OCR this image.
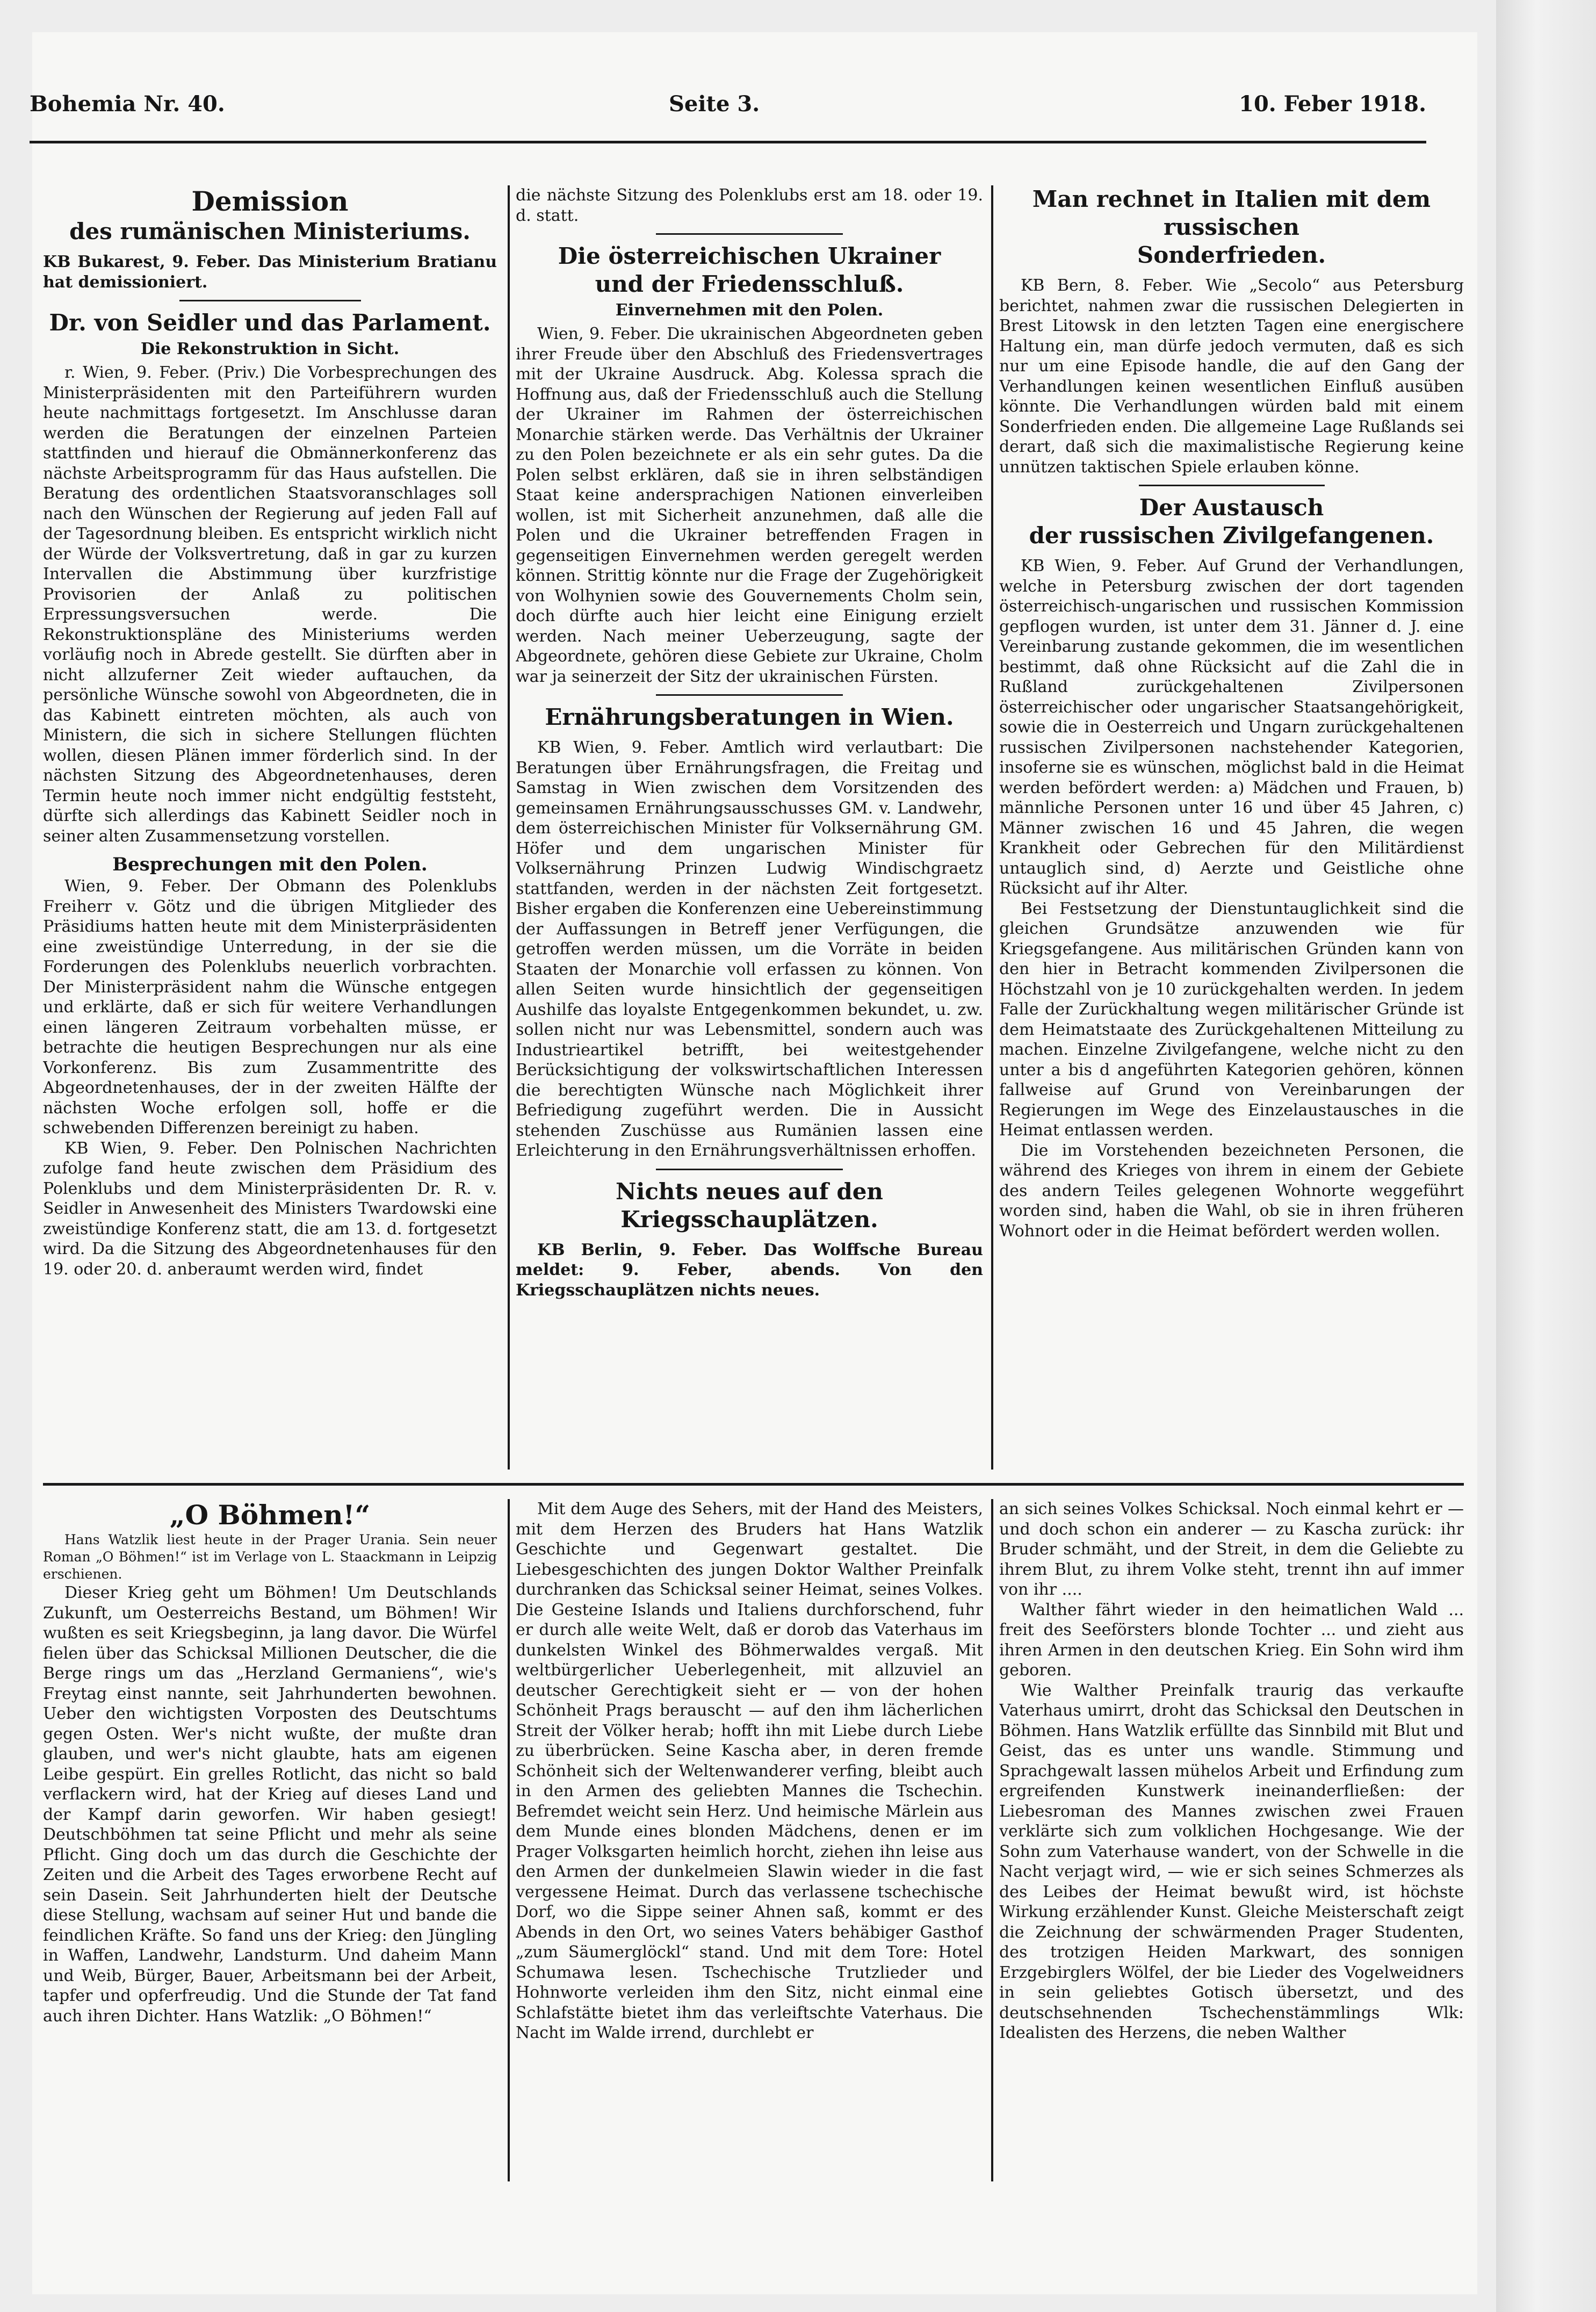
Bohemia Nr. 40.	Seite 3.	10. Feber 1918.
Demission
des rumänischen Ministeriums.

KB Bukarest, 9. Feber. Das Ministerium Bratianu hat demissioniert.

Dr. von Seidler und das Parlament.
Die Rekonstruktion in Sicht.

r. Wien, 9. Feber. (Priv.) Die Vorbesprechungen des Ministerpräsidenten mit den Parteiführern wurden heute nachmittags fortgesetzt. Im Anschlusse daran werden die Beratungen der einzelnen Parteien stattfinden und hierauf die Obmännerkonferenz das nächste Arbeitsprogramm für das Haus aufstellen. Die Beratung des ordentlichen Staatsvoranschlages soll nach den Wünschen der Regierung auf jeden Fall auf der Tagesordnung bleiben. Es entspricht wirklich nicht der Würde der Volksvertretung, daß in gar zu kurzen Intervallen die Abstimmung über kurzfristige Provisorien der Anlaß zu politischen Erpressungsversuchen werde. Die Rekonstruktionspläne des Ministeriums werden vorläufig noch in Abrede gestellt. Sie dürften aber in nicht allzuferner Zeit wieder auftauchen, da persönliche Wünsche sowohl von Abgeordneten, die in das Kabinett eintreten möchten, als auch von Ministern, die sich in sichere Stellungen flüchten wollen, diesen Plänen immer förderlich sind. In der nächsten Sitzung des Abgeordnetenhauses, deren Termin heute noch immer nicht endgültig feststeht, dürfte sich allerdings das Kabinett Seidler noch in seiner alten Zusammensetzung vorstellen.

Besprechungen mit den Polen.

Wien, 9. Feber. Der Obmann des Polenklubs Freiherr v. Götz und die übrigen Mitglieder des Präsidiums hatten heute mit dem Ministerpräsidenten eine zweistündige Unterredung, in der sie die Forderungen des Polenklubs neuerlich vorbrachten. Der Ministerpräsident nahm die Wünsche entgegen und erklärte, daß er sich für weitere Verhandlungen einen längeren Zeitraum vorbehalten müsse, er betrachte die heutigen Besprechungen nur als eine Vorkonferenz. Bis zum Zusammentritte des Abgeordnetenhauses, der in der zweiten Hälfte der nächsten Woche erfolgen soll, hoffe er die schwebenden Differenzen bereinigt zu haben.

KB Wien, 9. Feber. Den Polnischen Nachrichten zufolge fand heute zwischen dem Präsidium des Polenklubs und dem Ministerpräsidenten Dr. R. v. Seidler in Anwesenheit des Ministers Twardowski eine zweistündige Konferenz statt, die am 13. d. fortgesetzt wird. Da die Sitzung des Abgeordnetenhauses für den 19. oder 20. d. anberaumt werden wird, findet

die nächste Sitzung des Polenklubs erst am 18. oder 19. d. statt.

Die österreichischen Ukrainer
und der Friedensschluß.
Einvernehmen mit den Polen.

Wien, 9. Feber. Die ukrainischen Abgeordneten geben ihrer Freude über den Abschluß des Friedensvertrages mit der Ukraine Ausdruck. Abg. Kolessa sprach die Hoffnung aus, daß der Friedensschluß auch die Stellung der Ukrainer im Rahmen der österreichischen Monarchie stärken werde. Das Verhältnis der Ukrainer zu den Polen bezeichnete er als ein sehr gutes. Da die Polen selbst erklären, daß sie in ihren selbständigen Staat keine andersprachigen Nationen einverleiben wollen, ist mit Sicherheit anzunehmen, daß alle die Polen und die Ukrainer betreffenden Fragen in gegenseitigen Einvernehmen werden geregelt werden können. Strittig könnte nur die Frage der Zugehörigkeit von Wolhynien sowie des Gouvernements Cholm sein, doch dürfte auch hier leicht eine Einigung erzielt werden. Nach meiner Ueberzeugung, sagte der Abgeordnete, gehören diese Gebiete zur Ukraine, Cholm war ja seinerzeit der Sitz der ukrainischen Fürsten.

Ernährungsberatungen in Wien.

KB Wien, 9. Feber. Amtlich wird verlautbart: Die Beratungen über Ernährungsfragen, die Freitag und Samstag in Wien zwischen dem Vorsitzenden des gemeinsamen Ernährungsausschusses GM. v. Landwehr, dem österreichischen Minister für Volksernährung GM. Höfer und dem ungarischen Minister für Volksernährung Prinzen Ludwig Windischgraetz stattfanden, werden in der nächsten Zeit fortgesetzt. Bisher ergaben die Konferenzen eine Uebereinstimmung der Auffassungen in Betreff jener Verfügungen, die getroffen werden müssen, um die Vorräte in beiden Staaten der Monarchie voll erfassen zu können. Von allen Seiten wurde hinsichtlich der gegenseitigen Aushilfe das loyalste Entgegenkommen bekundet, u. zw. sollen nicht nur was Lebensmittel, sondern auch was Industrieartikel betrifft, bei weitestgehender Berücksichtigung der volkswirtschaftlichen Interessen die berechtigten Wünsche nach Möglichkeit ihrer Befriedigung zugeführt werden. Die in Aussicht stehenden Zuschüsse aus Rumänien lassen eine Erleichterung in den Ernährungsverhältnissen erhoffen.

Nichts neues auf den Kriegsschauplätzen.

KB Berlin, 9. Feber. Das Wolffsche Bureau meldet: 9. Feber, abends. Von den Kriegsschauplätzen nichts neues.

Man rechnet in Italien mit dem russischen
Sonderfrieden.

KB Bern, 8. Feber. Wie „Secolo“ aus Petersburg berichtet, nahmen zwar die russischen Delegierten in Brest Litowsk in den letzten Tagen eine energischere Haltung ein, man dürfe jedoch vermuten, daß es sich nur um eine Episode handle, die auf den Gang der Verhandlungen keinen wesentlichen Einfluß ausüben könnte. Die Verhandlungen würden bald mit einem Sonderfrieden enden. Die allgemeine Lage Rußlands sei derart, daß sich die maximalistische Regierung keine unnützen taktischen Spiele erlauben könne.

Der Austausch
der russischen Zivilgefangenen.

KB Wien, 9. Feber. Auf Grund der Verhandlungen, welche in Petersburg zwischen der dort tagenden österreichisch-ungarischen und russischen Kommission gepflogen wurden, ist unter dem 31. Jänner d. J. eine Vereinbarung zustande gekommen, die im wesentlichen bestimmt, daß ohne Rücksicht auf die Zahl die in Rußland zurückgehaltenen Zivilpersonen österreichischer oder ungarischer Staatsangehörigkeit, sowie die in Oesterreich und Ungarn zurückgehaltenen russischen Zivilpersonen nachstehender Kategorien, insoferne sie es wünschen, möglichst bald in die Heimat werden befördert werden: a) Mädchen und Frauen, b) männliche Personen unter 16 und über 45 Jahren, c) Männer zwischen 16 und 45 Jahren, die wegen Krankheit oder Gebrechen für den Militärdienst untauglich sind, d) Aerzte und Geistliche ohne Rücksicht auf ihr Alter.

Bei Festsetzung der Dienstuntauglichkeit sind die gleichen Grundsätze anzuwenden wie für Kriegsgefangene. Aus militärischen Gründen kann von den hier in Betracht kommenden Zivilpersonen die Höchstzahl von je 10 zurückgehalten werden. In jedem Falle der Zurückhaltung wegen militärischer Gründe ist dem Heimatstaate des Zurückgehaltenen Mitteilung zu machen. Einzelne Zivilgefangene, welche nicht zu den unter a bis d angeführten Kategorien gehören, können fallweise auf Grund von Vereinbarungen der Regierungen im Wege des Einzelaustausches in die Heimat entlassen werden.

Die im Vorstehenden bezeichneten Personen, die während des Krieges von ihrem in einem der Gebiete des andern Teiles gelegenen Wohnorte weggeführt worden sind, haben die Wahl, ob sie in ihren früheren Wohnort oder in die Heimat befördert werden wollen.

„O Böhmen!“

Hans Watzlik liest heute in der Prager Urania. Sein neuer Roman „O Böhmen!“ ist im Verlage von L. Staackmann in Leipzig erschienen.

Dieser Krieg geht um Böhmen! Um Deutschlands Zukunft, um Oesterreichs Bestand, um Böhmen! Wir wußten es seit Kriegsbeginn, ja lang davor. Die Würfel fielen über das Schicksal Millionen Deutscher, die die Berge rings um das „Herzland Germaniens“, wie's Freytag einst nannte, seit Jahrhunderten bewohnen. Ueber den wichtigsten Vorposten des Deutschtums gegen Osten. Wer's nicht wußte, der mußte dran glauben, und wer's nicht glaubte, hats am eigenen Leibe gespürt. Ein grelles Rotlicht, das nicht so bald verflackern wird, hat der Krieg auf dieses Land und der Kampf darin geworfen. Wir haben gesiegt! Deutschböhmen tat seine Pflicht und mehr als seine Pflicht. Ging doch um das durch die Geschichte der Zeiten und die Arbeit des Tages erworbene Recht auf sein Dasein. Seit Jahrhunderten hielt der Deutsche diese Stellung, wachsam auf seiner Hut und bande die feindlichen Kräfte. So fand uns der Krieg: den Jüngling in Waffen, Landwehr, Landsturm. Und daheim Mann und Weib, Bürger, Bauer, Arbeitsmann bei der Arbeit, tapfer und opferfreudig. Und die Stunde der Tat fand auch ihren Dichter. Hans Watzlik: „O Böhmen!“

Mit dem Auge des Sehers, mit der Hand des Meisters, mit dem Herzen des Bruders hat Hans Watzlik Geschichte und Gegenwart gestaltet. Die Liebesgeschichten des jungen Doktor Walther Preinfalk durchranken das Schicksal seiner Heimat, seines Volkes. Die Gesteine Islands und Italiens durchforschend, fuhr er durch alle weite Welt, daß er dorob das Vaterhaus im dunkelsten Winkel des Böhmerwaldes vergaß. Mit weltbürgerlicher Ueberlegenheit, mit allzuviel an deutscher Gerechtigkeit sieht er — von der hohen Schönheit Prags berauscht — auf den ihm lächerlichen Streit der Völker herab; hofft ihn mit Liebe durch Liebe zu überbrücken. Seine Kascha aber, in deren fremde Schönheit sich der Weltenwanderer verfing, bleibt auch in den Armen des geliebten Mannes die Tschechin. Befremdet weicht sein Herz. Und heimische Märlein aus dem Munde eines blonden Mädchens, denen er im Prager Volksgarten heimlich horcht, ziehen ihn leise aus den Armen der dunkelmeien Slawin wieder in die fast vergessene Heimat. Durch das verlassene tschechische Dorf, wo die Sippe seiner Ahnen saß, kommt er des Abends in den Ort, wo seines Vaters behäbiger Gasthof „zum Säumerglöckl“ stand. Und mit dem Tore: Hotel Schumawa lesen. Tschechische Trutzlieder und Hohnworte verleiden ihm den Sitz, nicht einmal eine Schlafstätte bietet ihm das verleiftschte Vaterhaus. Die Nacht im Walde irrend, durchlebt er

an sich seines Volkes Schicksal. Noch einmal kehrt er — und doch schon ein anderer — zu Kascha zurück: ihr Bruder schmäht, und der Streit, in dem die Geliebte zu ihrem Blut, zu ihrem Volke steht, trennt ihn auf immer von ihr ....

Walther fährt wieder in den heimatlichen Wald ... freit des Seeförsters blonde Tochter ... und zieht aus ihren Armen in den deutschen Krieg. Ein Sohn wird ihm geboren.

Wie Walther Preinfalk traurig das verkaufte Vaterhaus umirrt, droht das Schicksal den Deutschen in Böhmen. Hans Watzlik erfüllte das Sinnbild mit Blut und Geist, das es unter uns wandle. Stimmung und Sprachgewalt lassen mühelos Arbeit und Erfindung zum ergreifenden Kunstwerk ineinanderfließen: der Liebesroman des Mannes zwischen zwei Frauen verklärte sich zum volklichen Hochgesange. Wie der Sohn zum Vaterhause wandert, von der Schwelle in die Nacht verjagt wird, — wie er sich seines Schmerzes als des Leibes der Heimat bewußt wird, ist höchste Wirkung erzählender Kunst. Gleiche Meisterschaft zeigt die Zeichnung der schwärmenden Prager Studenten, des trotzigen Heiden Markwart, des sonnigen Erzgebirglers Wölfel, der bie Lieder des Vogelweidners in sein geliebtes Gotisch übersetzt, und des deutschsehnenden Tschechenstämmlings Wlk: Idealisten des Herzens, die neben Walther
